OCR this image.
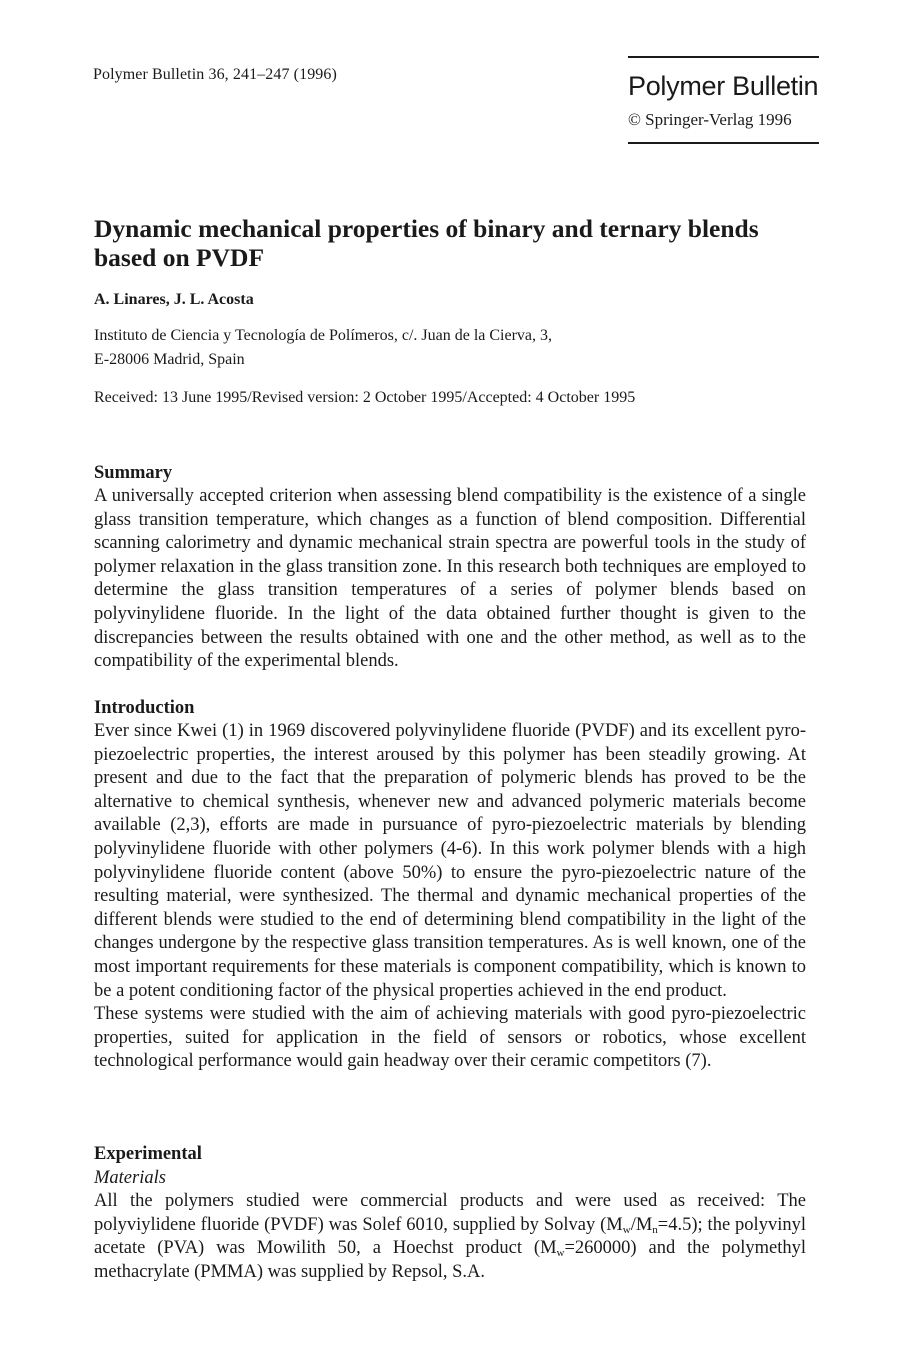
Polymer Bulletin 36, 241–247 (1996)	Polymer Bulletin
© Springer-Verlag 1996
Dynamic mechanical properties of binary and ternary blends based on PVDF
A. Linares, J. L. Acosta
Instituto de Ciencia y Tecnología de Polímeros, c/. Juan de la Cierva, 3,
E-28006 Madrid, Spain
Received: 13 June 1995/Revised version: 2 October 1995/Accepted: 4 October 1995
Summary

A universally accepted criterion when assessing blend compatibility is the existence of a single glass transition temperature, which changes as a function of blend composition. Differential scanning calorimetry and dynamic mechanical strain spectra are powerful tools in the study of polymer relaxation in the glass transition zone. In this research both techniques are employed to determine the glass transition temperatures of a series of polymer blends based on polyvinylidene fluoride. In the light of the data obtained further thought is given to the discrepancies between the results obtained with one and the other method, as well as to the compatibility of the experimental blends.

Introduction

Ever since Kwei (1) in 1969 discovered polyvinylidene fluoride (PVDF) and its excellent pyro-piezoelectric properties, the interest aroused by this polymer has been steadily growing. At present and due to the fact that the preparation of polymeric blends has proved to be the alternative to chemical synthesis, whenever new and advanced polymeric materials become available (2,3), efforts are made in pursuance of pyro-piezoelectric materials by blending polyvinylidene fluoride with other polymers (4-6). In this work polymer blends with a high polyvinylidene fluoride content (above 50%) to ensure the pyro-piezoelectric nature of the resulting material, were synthesized. The thermal and dynamic mechanical properties of the different blends were studied to the end of determining blend compatibility in the light of the changes undergone by the respective glass transition temperatures. As is well known, one of the most important requirements for these materials is component compatibility, which is known to be a potent conditioning factor of the physical properties achieved in the end product.

These systems were studied with the aim of achieving materials with good pyro-piezoelectric properties, suited for application in the field of sensors or robotics, whose excellent technological performance would gain headway over their ceramic competitors (7).

Experimental
Materials

All the polymers studied were commercial products and were used as received: The polyviylidene fluoride (PVDF) was Solef 6010, supplied by Solvay $(M_w/M_n=4.5)$; the polyvinyl acetate (PVA) was Mowilith 50, a Hoechst product $(M_w=260000)$ and the polymethyl methacrylate (PMMA) was supplied by Repsol, S.A.
